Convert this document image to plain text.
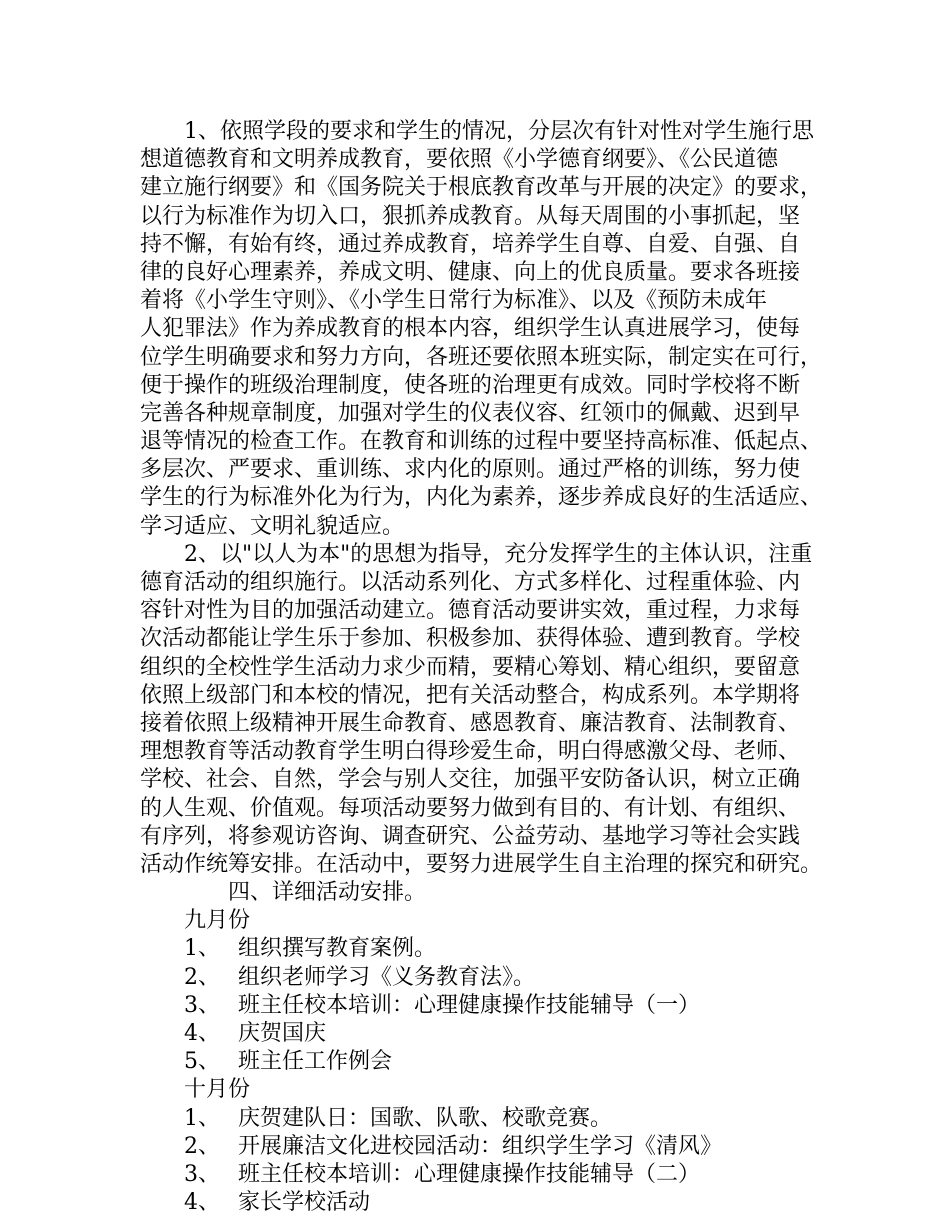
1、依照学段的要求和学生的情况，分层次有针对性对学生施行思
想道德教育和文明养成教育，要依照《小学德育纲要》、《公民道德
建立施行纲要》和《国务院关于根底教育改革与开展的决定》的要求，
以行为标准作为切入口，狠抓养成教育。从每天周围的小事抓起，坚
持不懈，有始有终，通过养成教育，培养学生自尊、自爱、自强、自
律的良好心理素养，养成文明、健康、向上的优良质量。要求各班接
着将《小学生守则》、《小学生日常行为标准》、以及《预防未成年
人犯罪法》作为养成教育的根本内容，组织学生认真进展学习，使每
位学生明确要求和努力方向，各班还要依照本班实际，制定实在可行，
便于操作的班级治理制度，使各班的治理更有成效。同时学校将不断
完善各种规章制度，加强对学生的仪表仪容、红领巾的佩戴、迟到早
退等情况的检查工作。在教育和训练的过程中要坚持高标准、低起点、
多层次、严要求、重训练、求内化的原则。通过严格的训练，努力使
学生的行为标准外化为行为，内化为素养，逐步养成良好的生活适应、
学习适应、文明礼貌适应。
2、以"以人为本"的思想为指导，充分发挥学生的主体认识，注重
德育活动的组织施行。以活动系列化、方式多样化、过程重体验、内
容针对性为目的加强活动建立。德育活动要讲实效，重过程，力求每
次活动都能让学生乐于参加、积极参加、获得体验、遭到教育。学校
组织的全校性学生活动力求少而精，要精心筹划、精心组织，要留意
依照上级部门和本校的情况，把有关活动整合，构成系列。本学期将
接着依照上级精神开展生命教育、感恩教育、廉洁教育、法制教育、
理想教育等活动教育学生明白得珍爱生命，明白得感激父母、老师、
学校、社会、自然，学会与别人交往，加强平安防备认识，树立正确
的人生观、价值观。每项活动要努力做到有目的、有计划、有组织、
有序列，将参观访咨询、调查研究、公益劳动、基地学习等社会实践
活动作统筹安排。在活动中，要努力进展学生自主治理的探究和研究。
四、详细活动安排。
九月份
1、 组织撰写教育案例。
2、 组织老师学习《义务教育法》。
3、 班主任校本培训：心理健康操作技能辅导（一）
4、 庆贺国庆
5、 班主任工作例会
十月份
1、 庆贺建队日：国歌、队歌、校歌竞赛。
2、 开展廉洁文化进校园活动：组织学生学习《清风》
3、 班主任校本培训：心理健康操作技能辅导（二）
4、 家长学校活动
